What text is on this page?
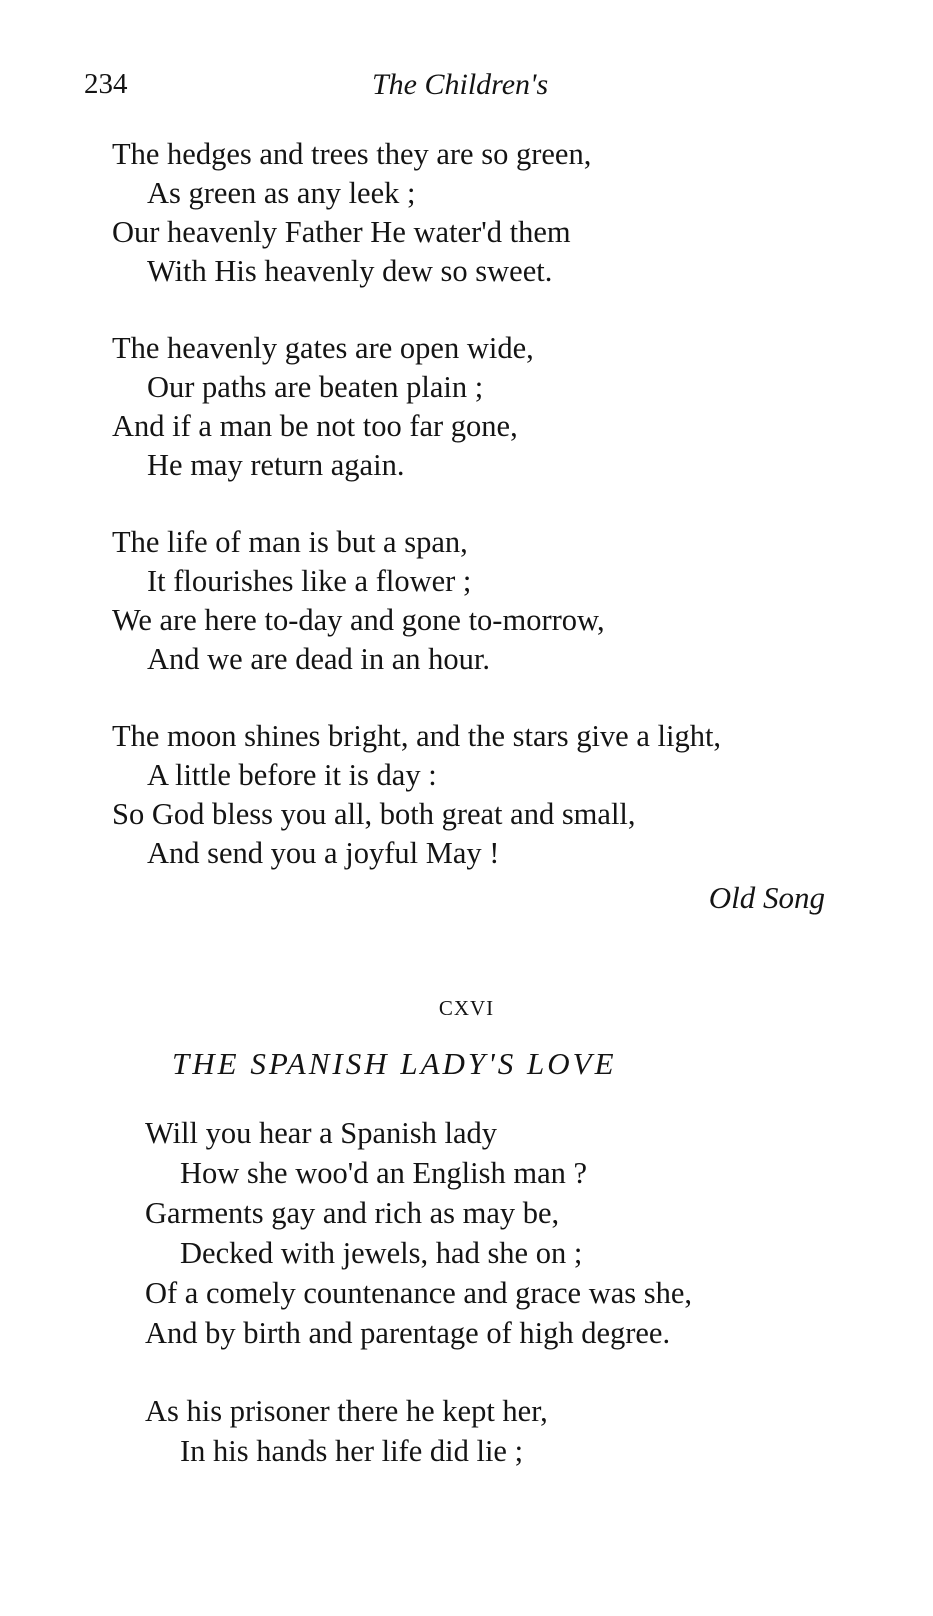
234	The Children's
The hedges and trees they are so green,
As green as any leek ;
Our heavenly Father He water'd them
With His heavenly dew so sweet.
The heavenly gates are open wide,
Our paths are beaten plain ;
And if a man be not too far gone,
He may return again.
The life of man is but a span,
It flourishes like a flower ;
We are here to-day and gone to-morrow,
And we are dead in an hour.
The moon shines bright, and the stars give a light,
A little before it is day :
So God bless you all, both great and small,
And send you a joyful May !
Old Song
CXVI
THE SPANISH LADY'S LOVE
Will you hear a Spanish lady
How she woo'd an English man ?
Garments gay and rich as may be,
Decked with jewels, had she on ;
Of a comely countenance and grace was she,
And by birth and parentage of high degree.
As his prisoner there he kept her,
In his hands her life did lie ;
